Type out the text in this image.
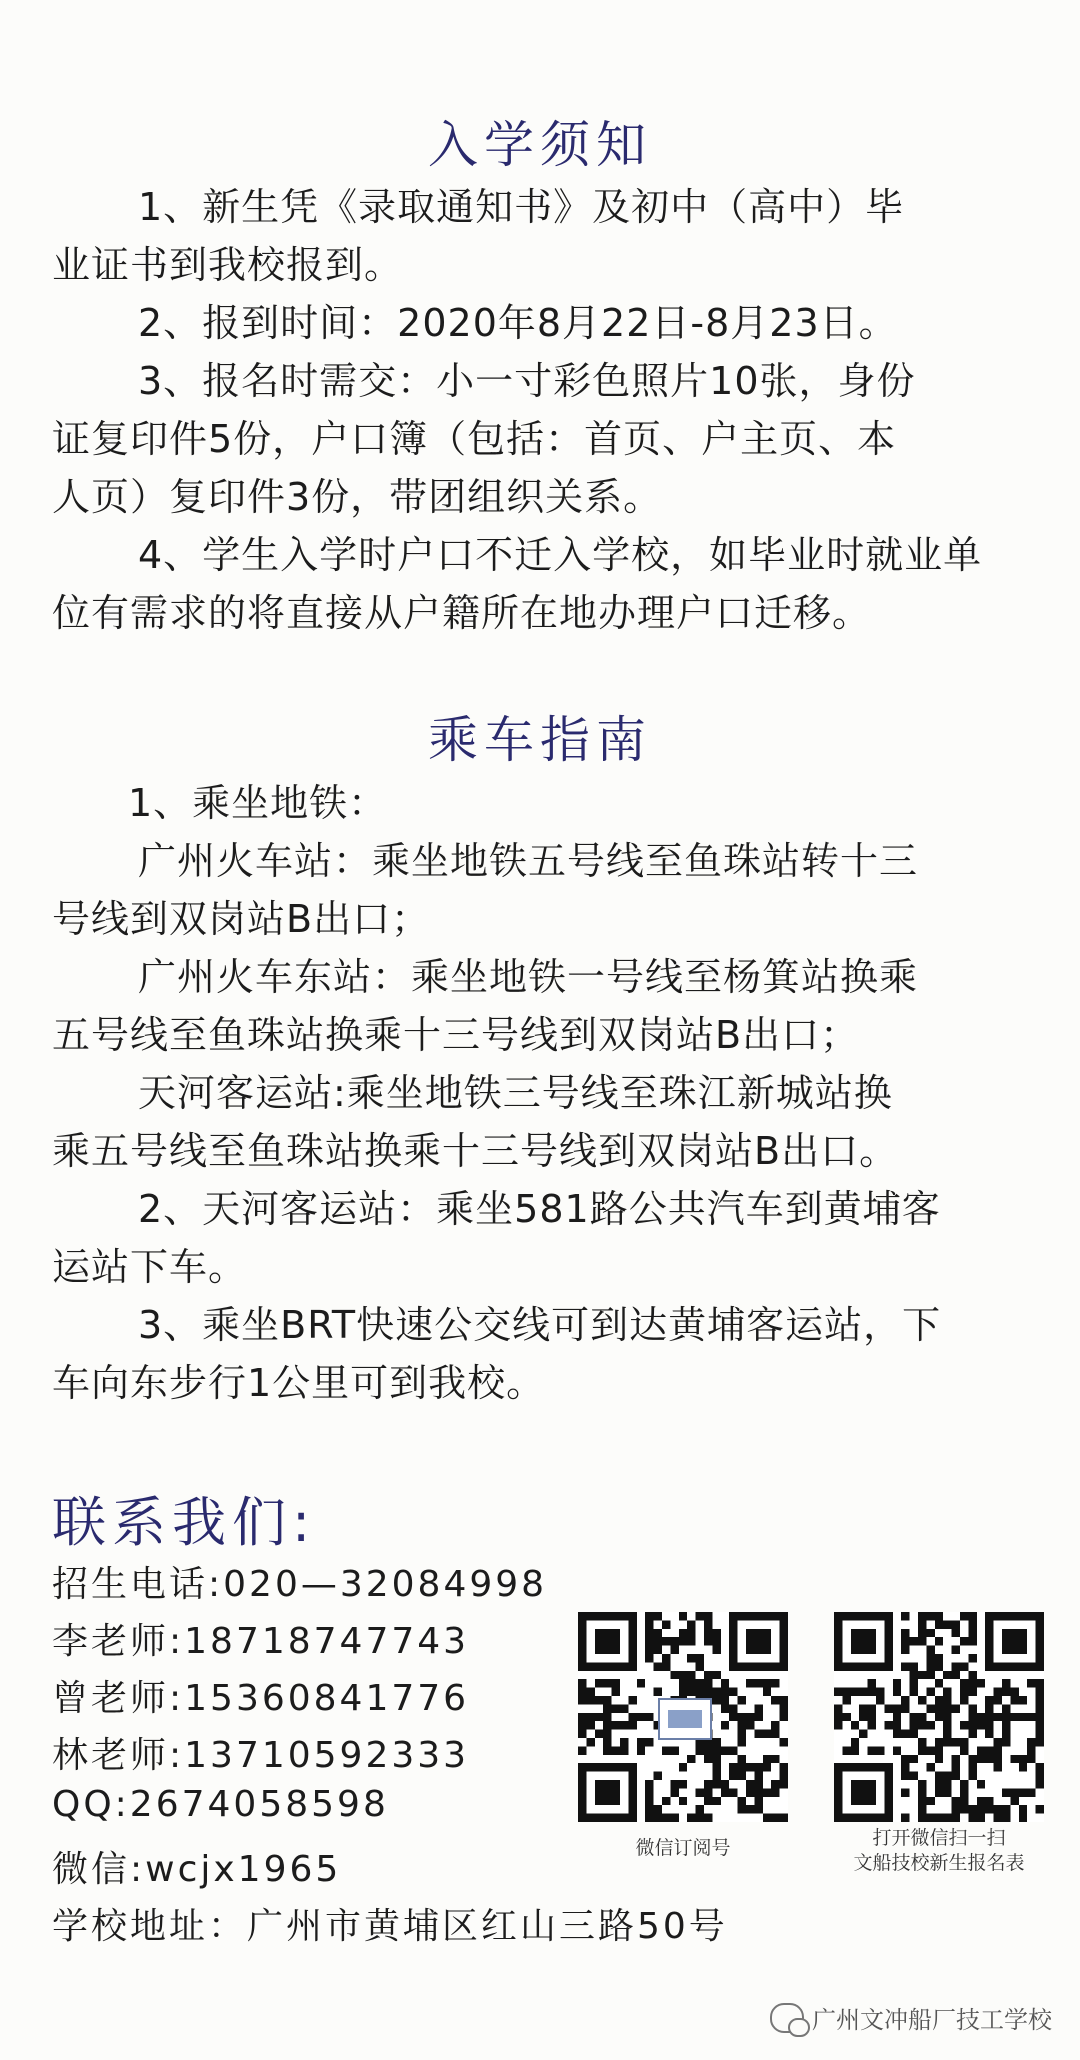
入学须知
1、新生凭《录取通知书》及初中（高中）毕
业证书到我校报到。
2、报到时间：2020年8月22日-8月23日。
3、报名时需交：小一寸彩色照片10张，身份
证复印件5份，户口簿（包括：首页、户主页、本
人页）复印件3份，带团组织关系。
4、学生入学时户口不迁入学校，如毕业时就业单
位有需求的将直接从户籍所在地办理户口迁移。
乘车指南
1、乘坐地铁：
广州火车站：乘坐地铁五号线至鱼珠站转十三
号线到双岗站B出口；
广州火车东站：乘坐地铁一号线至杨箕站换乘
五号线至鱼珠站换乘十三号线到双岗站B出口；
天河客运站:乘坐地铁三号线至珠江新城站换
乘五号线至鱼珠站换乘十三号线到双岗站B出口。
2、天河客运站：乘坐581路公共汽车到黄埔客
运站下车。
3、乘坐BRT快速公交线可到达黄埔客运站，下
车向东步行1公里可到我校。
联系我们:
招生电话:020—32084998
李老师:18718747743
曾老师:15360841776
林老师:13710592333
QQ:2674058598
微信:wcjx1965
学校地址：广州市黄埔区红山三路50号
微信订阅号	打开微信扫一扫
文船技校新生报名表
广州文冲船厂技工学校
